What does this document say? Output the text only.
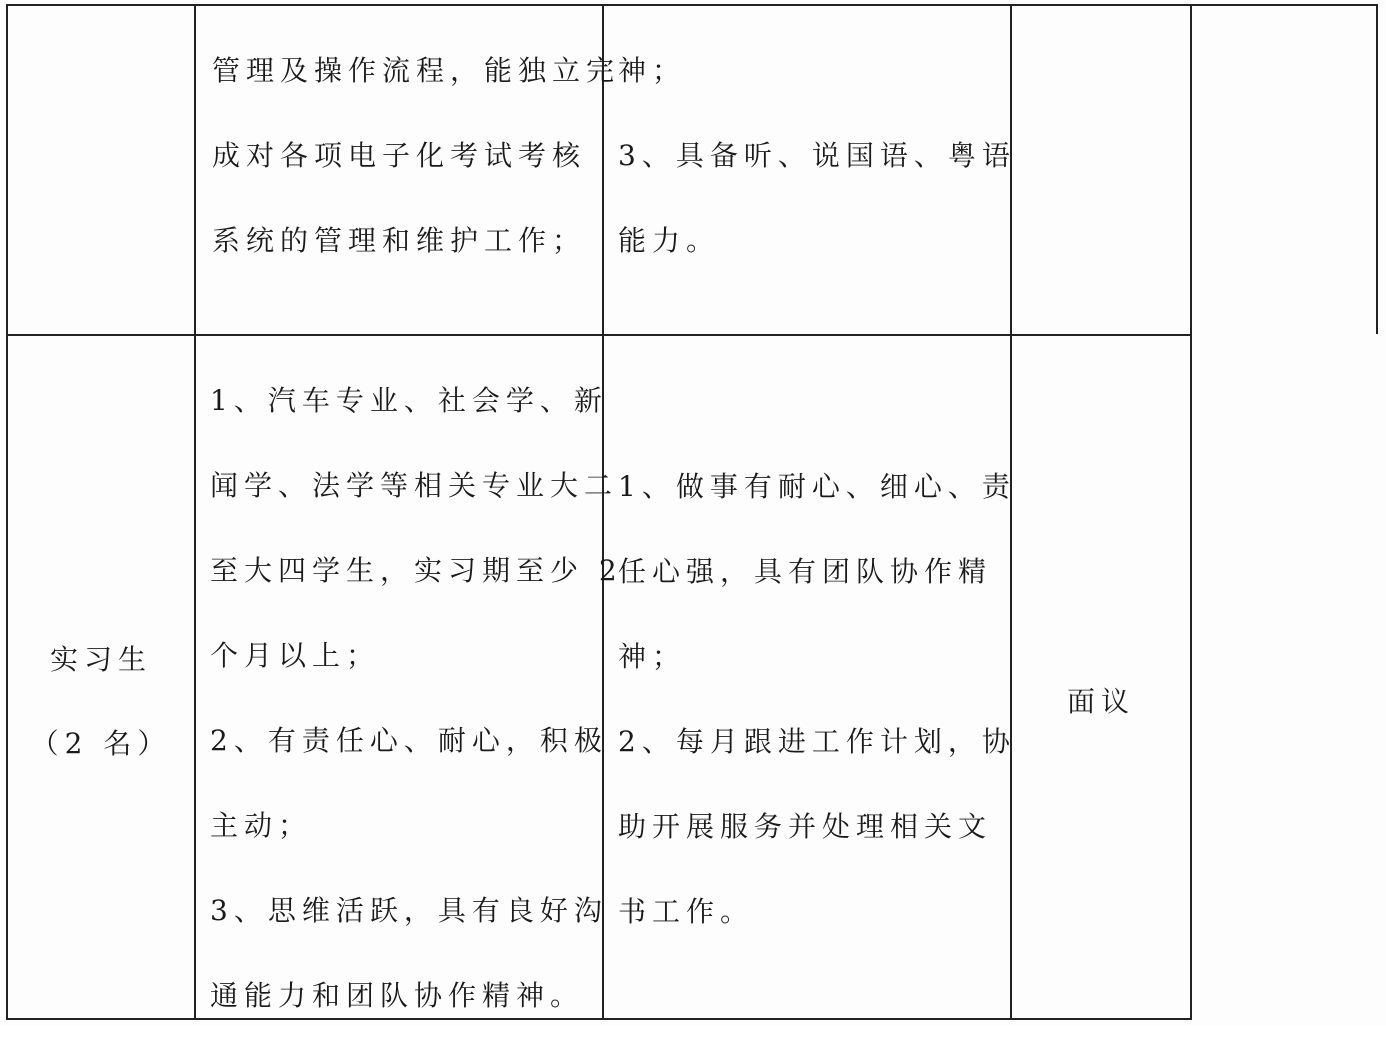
管理及操作流程，能独立完
成对各项电子化考试考核
系统的管理和维护工作；
神；
3、具备听、说国语、粤语
能力。
实习生
（2 名）
1、汽车专业、社会学、新
闻学、法学等相关专业大二
至大四学生，实习期至少 2
个月以上；
2、有责任心、耐心，积极
主动；
3、思维活跃，具有良好沟
通能力和团队协作精神。
1、做事有耐心、细心、责
任心强，具有团队协作精
神；
2、每月跟进工作计划，协
助开展服务并处理相关文
书工作。
面议
